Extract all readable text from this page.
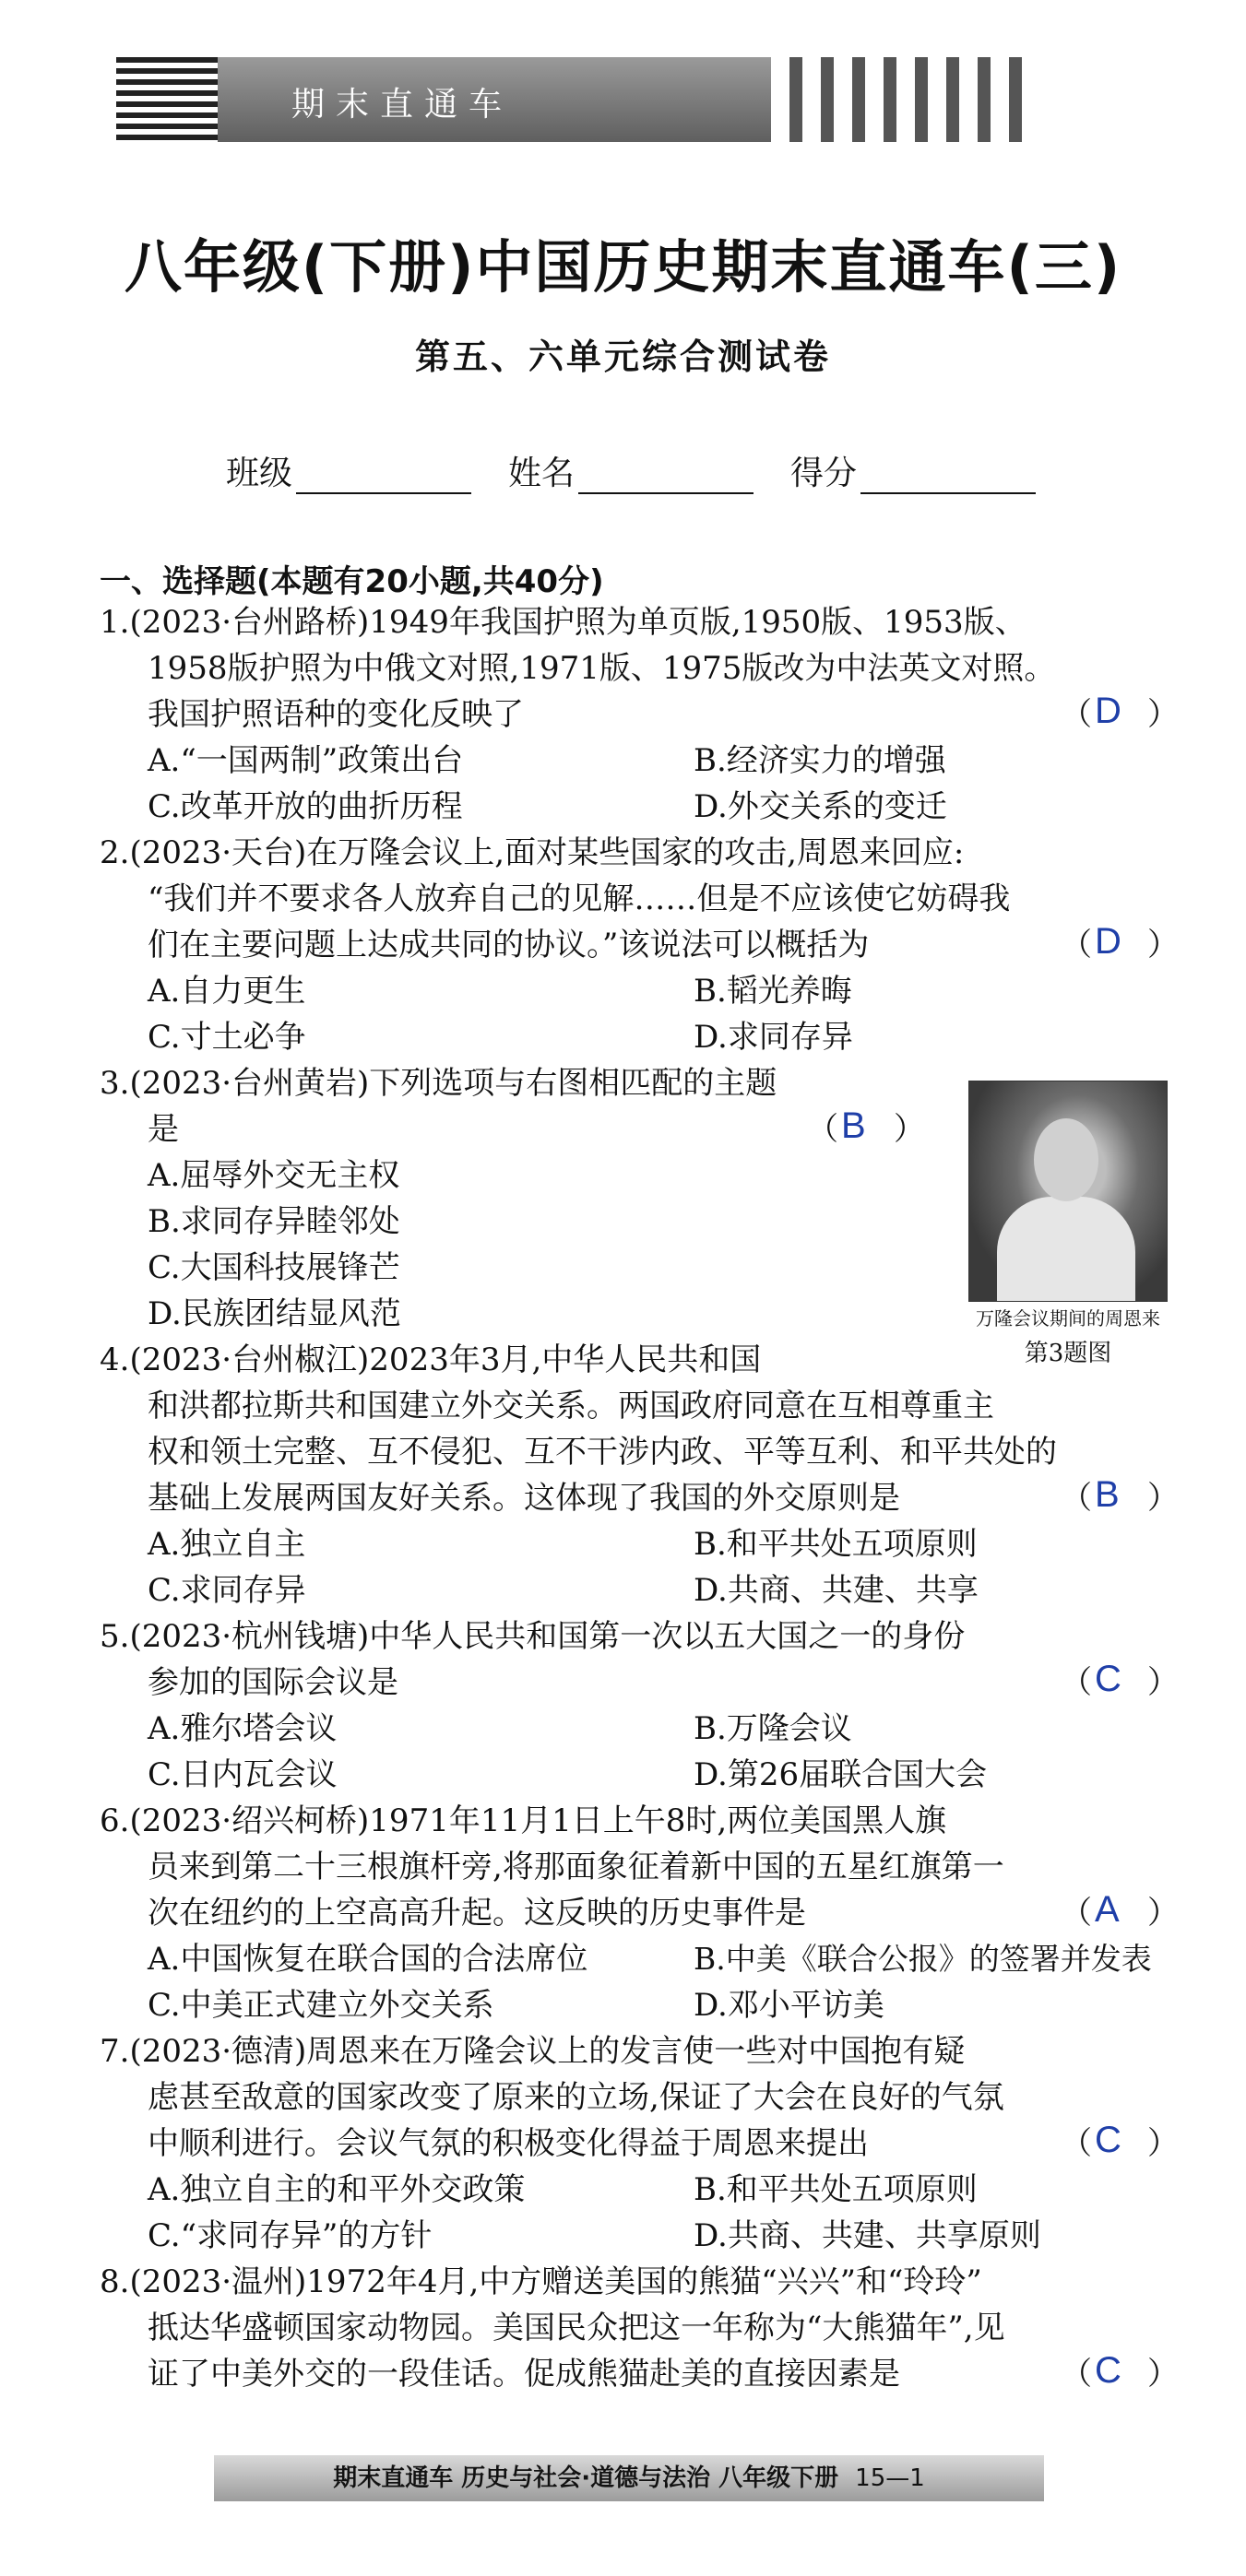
期末直通车
八年级(下册)中国历史期末直通车(三)
第五、六单元综合测试卷
班级	姓名	得分
一、选择题(本题有20小题,共40分)
1.(2023·台州路桥)1949年我国护照为单页版,1950版、1953版、
1958版护照为中俄文对照,1971版、1975版改为中法英文对照。
我国护照语种的变化反映了	（ ）
D
A.“一国两制”政策出台	B.经济实力的增强
C.改革开放的曲折历程	D.外交关系的变迁
2.(2023·天台)在万隆会议上,面对某些国家的攻击,周恩来回应:
“我们并不要求各人放弃自己的见解……但是不应该使它妨碍我
们在主要问题上达成共同的协议。”该说法可以概括为	（ ）
D
A.自力更生	B.韬光养晦
C.寸土必争	D.求同存异
3.(2023·台州黄岩)下列选项与右图相匹配的主题
是	（ ）
B
A.屈辱外交无主权
B.求同存异睦邻处
C.大国科技展锋芒
D.民族团结显风范	万隆会议期间的周恩来
第3题图
4.(2023·台州椒江)2023年3月,中华人民共和国
和洪都拉斯共和国建立外交关系。两国政府同意在互相尊重主
权和领土完整、互不侵犯、互不干涉内政、平等互利、和平共处的
基础上发展两国友好关系。这体现了我国的外交原则是	（ ）
B
A.独立自主	B.和平共处五项原则
C.求同存异	D.共商、共建、共享
5.(2023·杭州钱塘)中华人民共和国第一次以五大国之一的身份
参加的国际会议是	（ ）
C
A.雅尔塔会议	B.万隆会议
C.日内瓦会议	D.第26届联合国大会
6.(2023·绍兴柯桥)1971年11月1日上午8时,两位美国黑人旗
员来到第二十三根旗杆旁,将那面象征着新中国的五星红旗第一
次在纽约的上空高高升起。这反映的历史事件是	（ ）
A
A.中国恢复在联合国的合法席位	B.中美《联合公报》的签署并发表
C.中美正式建立外交关系	D.邓小平访美
7.(2023·德清)周恩来在万隆会议上的发言使一些对中国抱有疑
虑甚至敌意的国家改变了原来的立场,保证了大会在良好的气氛
中顺利进行。会议气氛的积极变化得益于周恩来提出	（ ）
C
A.独立自主的和平外交政策	B.和平共处五项原则
C.“求同存异”的方针	D.共商、共建、共享原则
8.(2023·温州)1972年4月,中方赠送美国的熊猫“兴兴”和“玲玲”
抵达华盛顿国家动物园。美国民众把这一年称为“大熊猫年”,见
证了中美外交的一段佳话。促成熊猫赴美的直接因素是	（ ）
C
期末直通车 历史与社会·道德与法治 八年级下册 15—1
